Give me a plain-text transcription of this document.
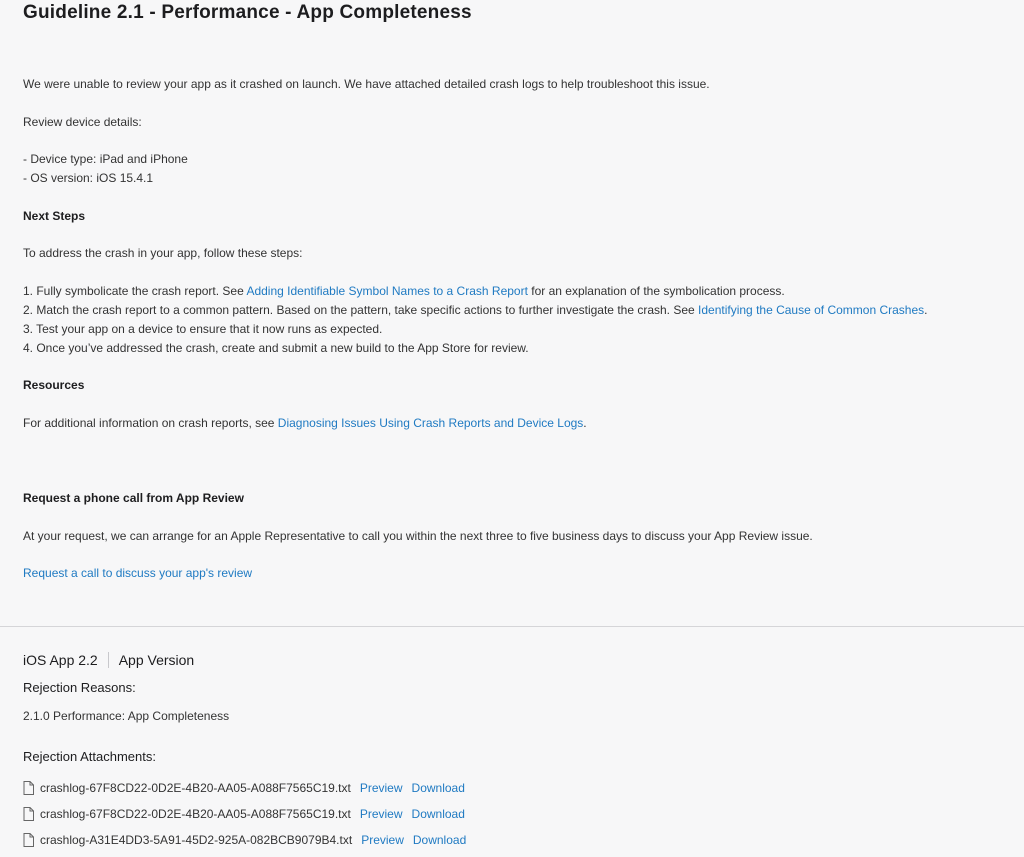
Guideline 2.1 - Performance - App Completeness
We were unable to review your app as it crashed on launch. We have attached detailed crash logs to help troubleshoot this issue.
Review device details:
- Device type: iPad and iPhone
- OS version: iOS 15.4.1
Next Steps
To address the crash in your app, follow these steps:
1. Fully symbolicate the crash report. See Adding Identifiable Symbol Names to a Crash Report for an explanation of the symbolication process.
2. Match the crash report to a common pattern. Based on the pattern, take specific actions to further investigate the crash. See Identifying the Cause of Common Crashes.
3. Test your app on a device to ensure that it now runs as expected.
4. Once you’ve addressed the crash, create and submit a new build to the App Store for review.
Resources
For additional information on crash reports, see Diagnosing Issues Using Crash Reports and Device Logs.
Request a phone call from App Review
At your request, we can arrange for an Apple Representative to call you within the next three to five business days to discuss your App Review issue.
Request a call to discuss your app's review
iOS App 2.2 App Version
Rejection Reasons:
2.1.0 Performance: App Completeness
Rejection Attachments:
crashlog-67F8CD22-0D2E-4B20-AA05-A088F7565C19.txt Preview Download
crashlog-67F8CD22-0D2E-4B20-AA05-A088F7565C19.txt Preview Download
crashlog-A31E4DD3-5A91-45D2-925A-082BCB9079B4.txt Preview Download
